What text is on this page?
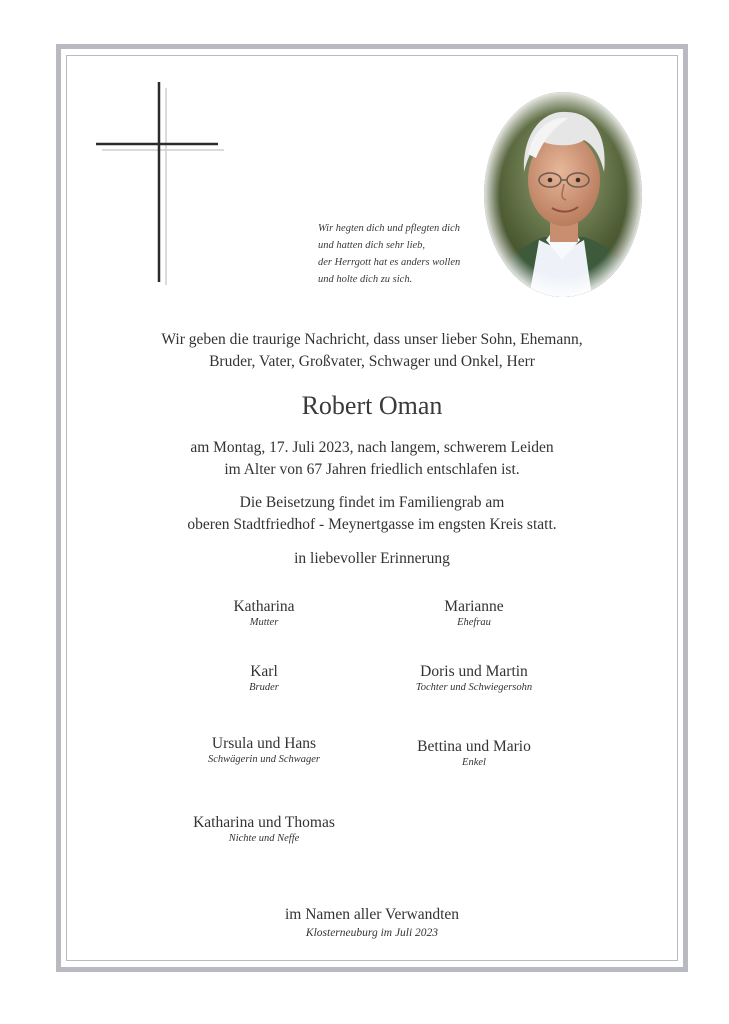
Wir hegten dich und pflegten dich
und hatten dich sehr lieb,
der Herrgott hat es anders wollen
und holte dich zu sich.
Wir geben die traurige Nachricht, dass unser lieber Sohn, Ehemann,
Bruder, Vater, Großvater, Schwager und Onkel, Herr
Robert Oman
am Montag, 17. Juli 2023, nach langem, schwerem Leiden
im Alter von 67 Jahren friedlich entschlafen ist.
Die Beisetzung findet im Familiengrab am
oberen Stadtfriedhof - Meynertgasse im engsten Kreis statt.
in liebevoller Erinnerung
Katharina
Mutter
Marianne
Ehefrau
Karl
Bruder
Doris und Martin
Tochter und Schwiegersohn
Ursula und Hans
Schwägerin und Schwager
Bettina und Mario
Enkel
Katharina und Thomas
Nichte und Neffe
im Namen aller Verwandten
Klosterneuburg im Juli 2023
